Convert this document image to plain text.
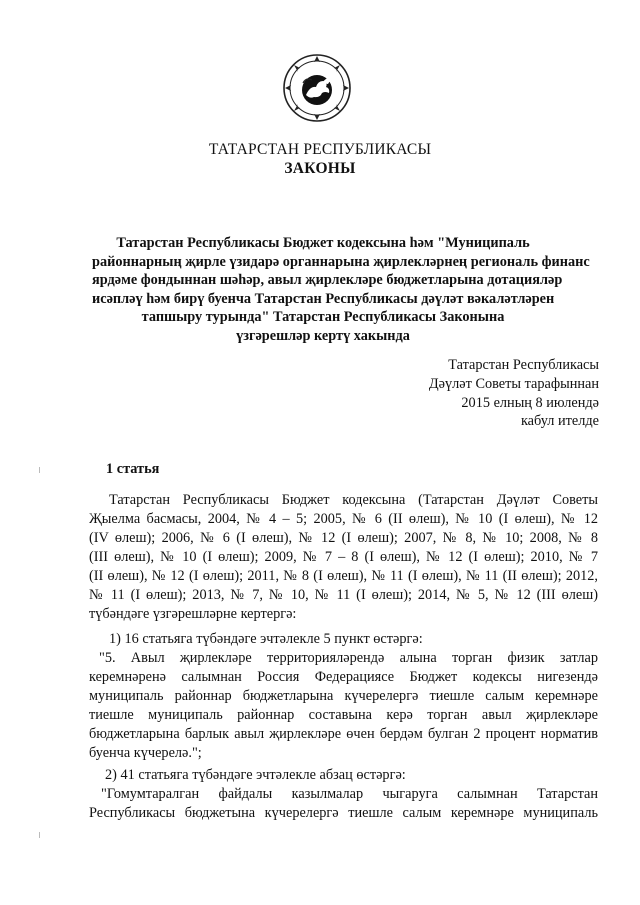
ТАТАРСТАН РЕСПУБЛИКАСЫ
ЗАКОНЫ
Татарстан Республикасы Бюджет кодексына һәм "Муниципаль
районнарның җирле үзидарә органнарына җирлекләрнең региональ финанс
ярдәме фондыннан шәһәр, авыл җирлекләре бюджетларына дотацияләр
исәпләү һәм бирү буенча Татарстан Республикасы дәүләт вәкаләтләрен
тапшыру турында" Татарстан Республикасы Законына
үзгәрешләр кертү хакында
Татарстан Республикасы
Дәүләт Советы тарафыннан
2015 елның 8 июлендә
кабул ителде
1 статья
Татарстан Республикасы Бюджет кодексына (Татарстан Дәүләт Советы
Җыелма басмасы, 2004, № 4 – 5; 2005, № 6 (II өлеш), № 10 (I өлеш), № 12
(IV өлеш); 2006, № 6 (I өлеш), № 12 (I өлеш); 2007, № 8, № 10; 2008, № 8
(III өлеш), № 10 (I өлеш); 2009, № 7 – 8 (I өлеш), № 12 (I өлеш); 2010, № 7
(II өлеш), № 12 (I өлеш); 2011, № 8 (I өлеш), № 11 (I өлеш), № 11 (II өлеш); 2012,
№ 11 (I өлеш); 2013, № 7, № 10, № 11 (I өлеш); 2014, № 5, № 12 (III өлеш)
түбәндәге үзгәрешләрне кертергә:
1) 16 статьяга түбәндәге эчтәлекле 5 пункт өстәргә:
"5. Авыл җирлекләре территорияләрендә алына торган физик затлар
керемнәренә салымнан Россия Федерациясе Бюджет кодексы нигезендә
муниципаль районнар бюджетларына күчерелергә тиешле салым керемнәре
тиешле муниципаль районнар составына керә торган авыл җирлекләре
бюджетларына барлык авыл җирлекләре өчен бердәм булган 2 процент норматив
буенча күчерелә.";
2) 41 статьяга түбәндәге эчтәлекле абзац өстәргә:
"Гомумтаралган файдалы казылмалар чыгаруга салымнан Татарстан
Республикасы бюджетына күчерелергә тиешле салым керемнәре муниципаль
